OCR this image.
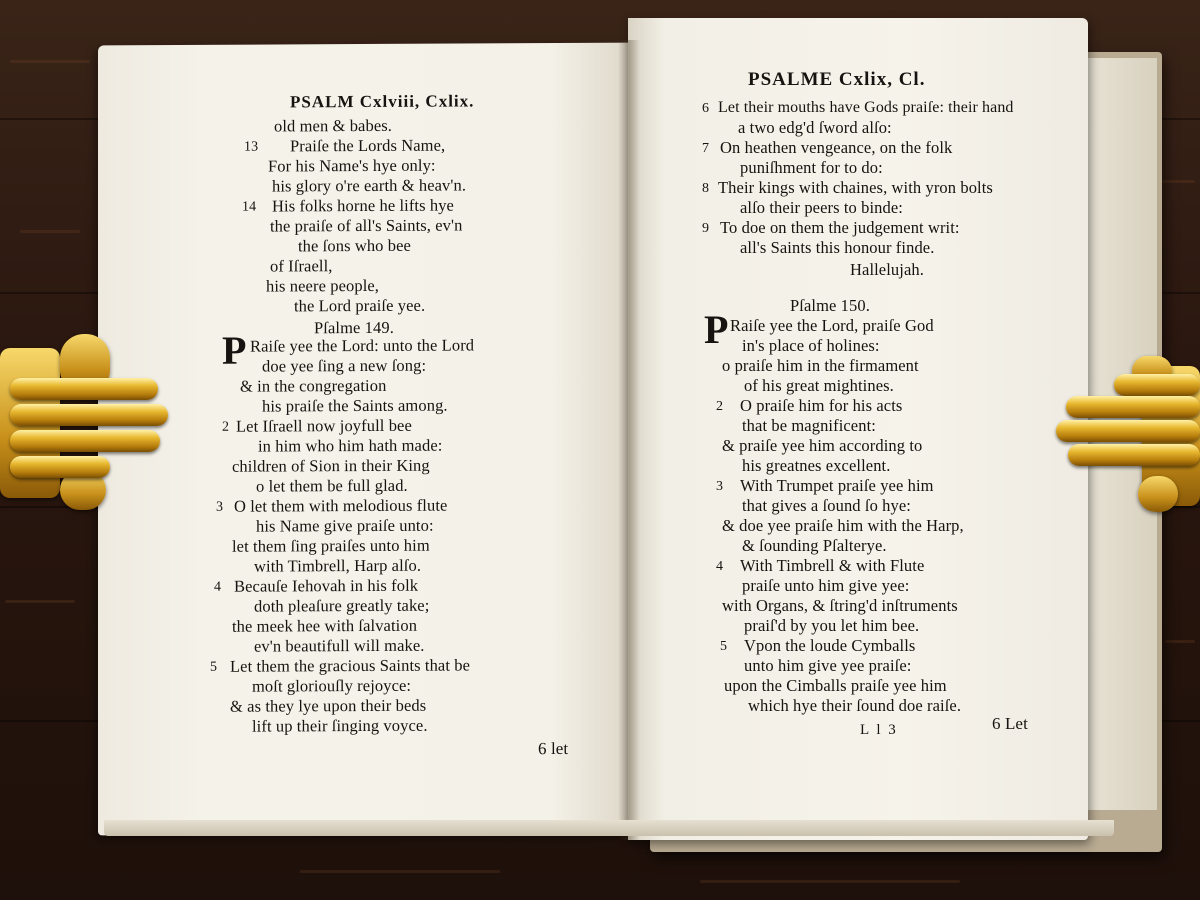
PSALM Cxlviii, Cxlix.
old men & babes.
13 Praiſe the Lords Name,
For his Name's hye only:
his glory o're earth & heav'n.
14 His folks horne he lifts hye
the praiſe of all's Saints, ev'n
the ſons who bee
of Iſraell,
his neere people,
the Lord praiſe yee.
Pſalme 149.
P Raiſe yee the Lord: unto the Lord
doe yee ſing a new ſong:
& in the congregation
his praiſe the Saints among.
2 Let Iſraell now joyfull bee
in him who him hath made:
children of Sion in their King
o let them be full glad.
3 O let them with melodious flute
his Name give praiſe unto:
let them ſing praiſes unto him
with Timbrell, Harp alſo.
4 Becauſe Iehovah in his folk
doth pleaſure greatly take;
the meek hee with ſalvation
ev'n beautifull will make.
5 Let them the gracious Saints that be
moſt gloriouſly rejoyce:
& as they lye upon their beds
lift up their ſinging voyce.
6 let
PSALME Cxlix, Cl.
6 Let their mouths have Gods praiſe: their hand
a two edg'd ſword alſo:
7 On heathen vengeance, on the folk
puniſhment for to do:
8 Their kings with chaines, with yron bolts
alſo their peers to binde:
9 To doe on them the judgement writ:
all's Saints this honour finde.
Hallelujah.
Pſalme 150.
P Raiſe yee the Lord, praiſe God
in's place of holines:
o praiſe him in the firmament
of his great mightines.
2 O praiſe him for his acts
that be magnificent:
& praiſe yee him according to
his greatnes excellent.
3 With Trumpet praiſe yee him
that gives a ſound ſo hye:
& doe yee praiſe him with the Harp,
& ſounding Pſalterye.
4 With Timbrell & with Flute
praiſe unto him give yee:
with Organs, & ſtring'd inſtruments
praiſ'd by you let him bee.
5 Vpon the loude Cymballs
unto him give yee praiſe:
upon the Cimballs praiſe yee him
which hye their ſound doe raiſe.
L l 3	6 Let
